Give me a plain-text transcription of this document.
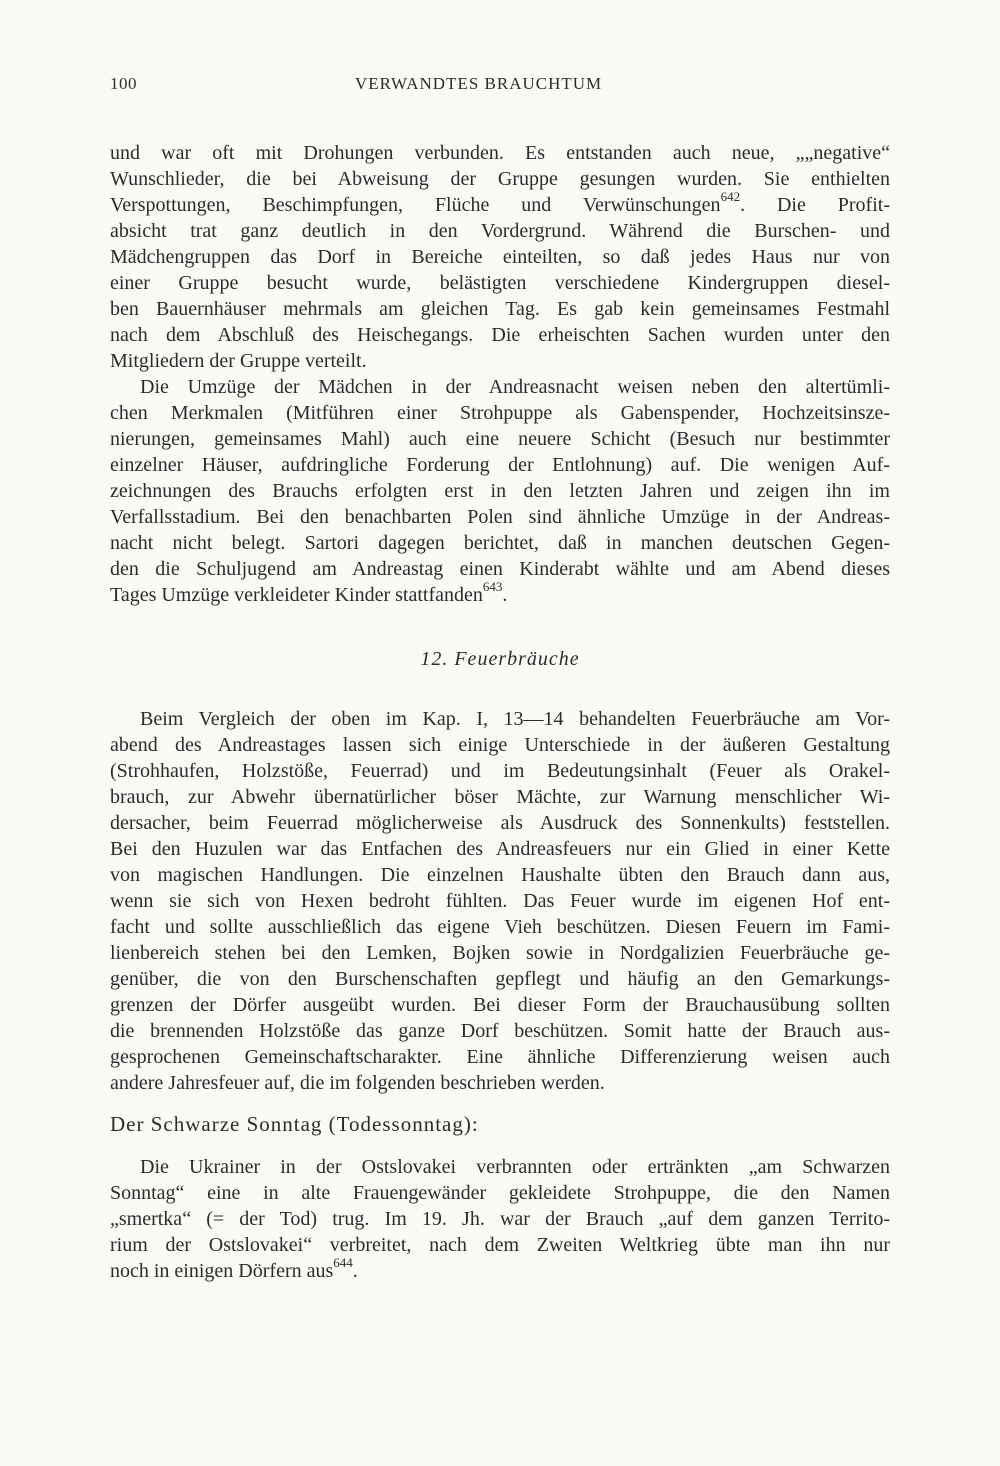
100	VERWANDTES BRAUCHTUM
und war oft mit Drohungen verbunden. Es entstanden auch neue, „„negative“
Wunschlieder, die bei Abweisung der Gruppe gesungen wurden. Sie enthielten
Verspottungen, Beschimpfungen, Flüche und Verwünschungen$^{642}$. Die Profit-
absicht trat ganz deutlich in den Vordergrund. Während die Burschen- und
Mädchengruppen das Dorf in Bereiche einteilten, so daß jedes Haus nur von
einer Gruppe besucht wurde, belästigten verschiedene Kindergruppen diesel-
ben Bauernhäuser mehrmals am gleichen Tag. Es gab kein gemeinsames Festmahl
nach dem Abschluß des Heischegangs. Die erheischten Sachen wurden unter den
Mitgliedern der Gruppe verteilt.
Die Umzüge der Mädchen in der Andreasnacht weisen neben den altertümli-
chen Merkmalen (Mitführen einer Strohpuppe als Gabenspender, Hochzeitsinsze-
nierungen, gemeinsames Mahl) auch eine neuere Schicht (Besuch nur bestimmter
einzelner Häuser, aufdringliche Forderung der Entlohnung) auf. Die wenigen Auf-
zeichnungen des Brauchs erfolgten erst in den letzten Jahren und zeigen ihn im
Verfallsstadium. Bei den benachbarten Polen sind ähnliche Umzüge in der Andreas-
nacht nicht belegt. Sartori dagegen berichtet, daß in manchen deutschen Gegen-
den die Schuljugend am Andreastag einen Kinderabt wählte und am Abend dieses
Tages Umzüge verkleideter Kinder stattfanden$^{643}$.
12. Feuerbräuche
Beim Vergleich der oben im Kap. I, 13—14 behandelten Feuerbräuche am Vor-
abend des Andreastages lassen sich einige Unterschiede in der äußeren Gestaltung
(Strohhaufen, Holzstöße, Feuerrad) und im Bedeutungsinhalt (Feuer als Orakel-
brauch, zur Abwehr übernatürlicher böser Mächte, zur Warnung menschlicher Wi-
dersacher, beim Feuerrad möglicherweise als Ausdruck des Sonnenkults) feststellen.
Bei den Huzulen war das Entfachen des Andreasfeuers nur ein Glied in einer Kette
von magischen Handlungen. Die einzelnen Haushalte übten den Brauch dann aus,
wenn sie sich von Hexen bedroht fühlten. Das Feuer wurde im eigenen Hof ent-
facht und sollte ausschließlich das eigene Vieh beschützen. Diesen Feuern im Fami-
lienbereich stehen bei den Lemken, Bojken sowie in Nordgalizien Feuerbräuche ge-
genüber, die von den Burschenschaften gepflegt und häufig an den Gemarkungs-
grenzen der Dörfer ausgeübt wurden. Bei dieser Form der Brauchausübung sollten
die brennenden Holzstöße das ganze Dorf beschützen. Somit hatte der Brauch aus-
gesprochenen Gemeinschaftscharakter. Eine ähnliche Differenzierung weisen auch
andere Jahresfeuer auf, die im folgenden beschrieben werden.
Der Schwarze Sonntag (Todessonntag):
Die Ukrainer in der Ostslovakei verbrannten oder ertränkten „am Schwarzen
Sonntag“ eine in alte Frauengewänder gekleidete Strohpuppe, die den Namen
„smertka“ (= der Tod) trug. Im 19. Jh. war der Brauch „auf dem ganzen Territo-
rium der Ostslovakei“ verbreitet, nach dem Zweiten Weltkrieg übte man ihn nur
noch in einigen Dörfern aus$^{644}$.
